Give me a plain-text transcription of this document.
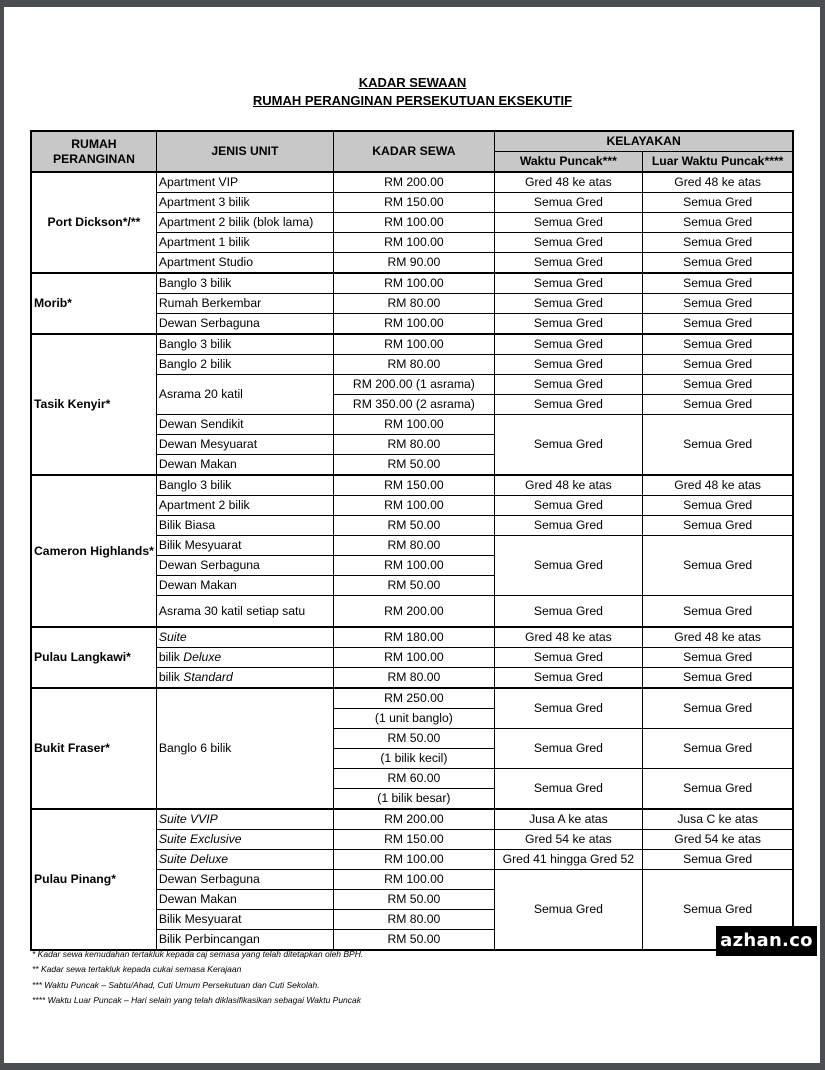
KADAR SEWAAN
RUMAH PERANGINAN PERSEKUTUAN EKSEKUTIF
RUMAH PERANGINAN	JENIS UNIT	KADAR SEWA	KELAYAKAN	
			Waktu Puncak***	Luar Waktu Puncak****
Port Dickson*/**	Apartment VIP	RM 200.00	Gred 48 ke atas	Gred 48 ke atas
	Apartment 3 bilik	RM 150.00	Semua Gred	Semua Gred
	Apartment 2 bilik (blok lama)	RM 100.00	Semua Gred	Semua Gred
	Apartment 1 bilik	RM 100.00	Semua Gred	Semua Gred
	Apartment Studio	RM 90.00	Semua Gred	Semua Gred
Morib*	Banglo 3 bilik	RM 100.00	Semua Gred	Semua Gred
	Rumah Berkembar	RM 80.00	Semua Gred	Semua Gred
	Dewan Serbaguna	RM 100.00	Semua Gred	Semua Gred
Tasik Kenyir*	Banglo 3 bilik	RM 100.00	Semua Gred	Semua Gred
	Banglo 2 bilik	RM 80.00	Semua Gred	Semua Gred
	Asrama 20 katil	RM 200.00 (1 asrama)	Semua Gred	Semua Gred
		RM 350.00 (2 asrama)	Semua Gred	Semua Gred
	Dewan Sendikit	RM 100.00	Semua Gred	Semua Gred
	Dewan Mesyuarat	RM 80.00		
	Dewan Makan	RM 50.00		
Cameron Highlands*	Banglo 3 bilik	RM 150.00	Gred 48 ke atas	Gred 48 ke atas
	Apartment 2 bilik	RM 100.00	Semua Gred	Semua Gred
	Bilik Biasa	RM 50.00	Semua Gred	Semua Gred
	Bilik Mesyuarat	RM 80.00	Semua Gred	Semua Gred
	Dewan Serbaguna	RM 100.00		
	Dewan Makan	RM 50.00		
	Asrama 30 katil setiap satu	RM 200.00	Semua Gred	Semua Gred
Pulau Langkawi*	Suite	RM 180.00	Gred 48 ke atas	Gred 48 ke atas
	bilik Deluxe	RM 100.00	Semua Gred	Semua Gred
	bilik Standard	RM 80.00	Semua Gred	Semua Gred
Bukit Fraser*	Banglo 6 bilik	RM 250.00	Semua Gred	Semua Gred
		(1 unit banglo)		
		RM 50.00	Semua Gred	Semua Gred
		(1 bilik kecil)		
		RM 60.00	Semua Gred	Semua Gred
		(1 bilik besar)		
Pulau Pinang*	Suite VVIP	RM 200.00	Jusa A ke atas	Jusa C ke atas
	Suite Exclusive	RM 150.00	Gred 54 ke atas	Gred 54 ke atas
	Suite Deluxe	RM 100.00	Gred 41 hingga Gred 52	Semua Gred
	Dewan Serbaguna	RM 100.00	Semua Gred	Semua Gred
	Dewan Makan	RM 50.00		
	Bilik Mesyuarat	RM 80.00		
	Bilik Perbincangan	RM 50.00		
* Kadar sewa kemudahan tertakluk kepada caj semasa yang telah ditetapkan oleh BPH.
** Kadar sewa tertakluk kepada cukai semasa Kerajaan
*** Waktu Puncak – Sabtu/Ahad, Cuti Umum Persekutuan dan Cuti Sekolah.
**** Waktu Luar Puncak – Hari selain yang telah diklasifikasikan sebagai Waktu Puncak
azhan.co
